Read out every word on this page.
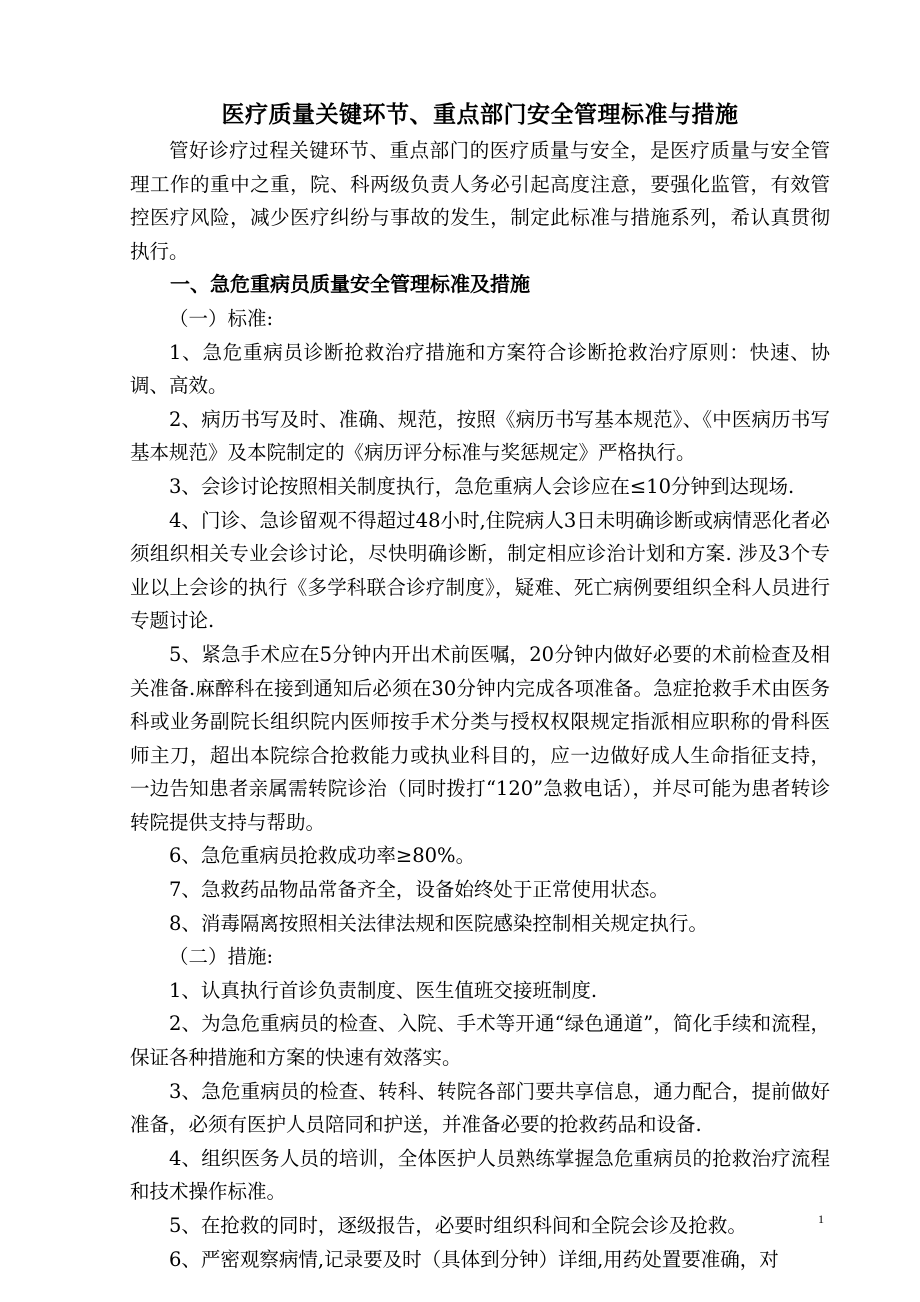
医疗质量关键环节、重点部门安全管理标准与措施

管好诊疗过程关键环节、重点部门的医疗质量与安全，是医疗质量与安全管理工作的重中之重，院、科两级负责人务必引起高度注意，要强化监管，有效管控医疗风险，减少医疗纠纷与事故的发生，制定此标准与措施系列，希认真贯彻执行。

一、急危重病员质量安全管理标准及措施

（一）标准:

1、急危重病员诊断抢救治疗措施和方案符合诊断抢救治疗原则：快速、协调、高效。

2、病历书写及时、准确、规范，按照《病历书写基本规范》、《中医病历书写基本规范》及本院制定的《病历评分标准与奖惩规定》严格执行。

3、会诊讨论按照相关制度执行，急危重病人会诊应在≤10分钟到达现场.

4、门诊、急诊留观不得超过48小时,住院病人3日未明确诊断或病情恶化者必须组织相关专业会诊讨论，尽快明确诊断，制定相应诊治计划和方案. 涉及3个专业以上会诊的执行《多学科联合诊疗制度》，疑难、死亡病例要组织全科人员进行专题讨论.

5、紧急手术应在5分钟内开出术前医嘱，20分钟内做好必要的术前检查及相关准备.麻醉科在接到通知后必须在30分钟内完成各项准备。急症抢救手术由医务科或业务副院长组织院内医师按手术分类与授权权限规定指派相应职称的骨科医师主刀，超出本院综合抢救能力或执业科目的，应一边做好成人生命指征支持，一边告知患者亲属需转院诊治（同时拨打“120”急救电话），并尽可能为患者转诊转院提供支持与帮助。

6、急危重病员抢救成功率≥80%。

7、急救药品物品常备齐全，设备始终处于正常使用状态。

8、消毒隔离按照相关法律法规和医院感染控制相关规定执行。

（二）措施:

1、认真执行首诊负责制度、医生值班交接班制度.

2、为急危重病员的检查、入院、手术等开通“绿色通道”，简化手续和流程，保证各种措施和方案的快速有效落实。

3、急危重病员的检查、转科、转院各部门要共享信息，通力配合，提前做好准备，必须有医护人员陪同和护送，并准备必要的抢救药品和设备.

4、组织医务人员的培训，全体医护人员熟练掌握急危重病员的抢救治疗流程和技术操作标准。

5、在抢救的同时，逐级报告，必要时组织科间和全院会诊及抢救。

6、严密观察病情,记录要及时（具体到分钟）详细,用药处置要准确，对

1
